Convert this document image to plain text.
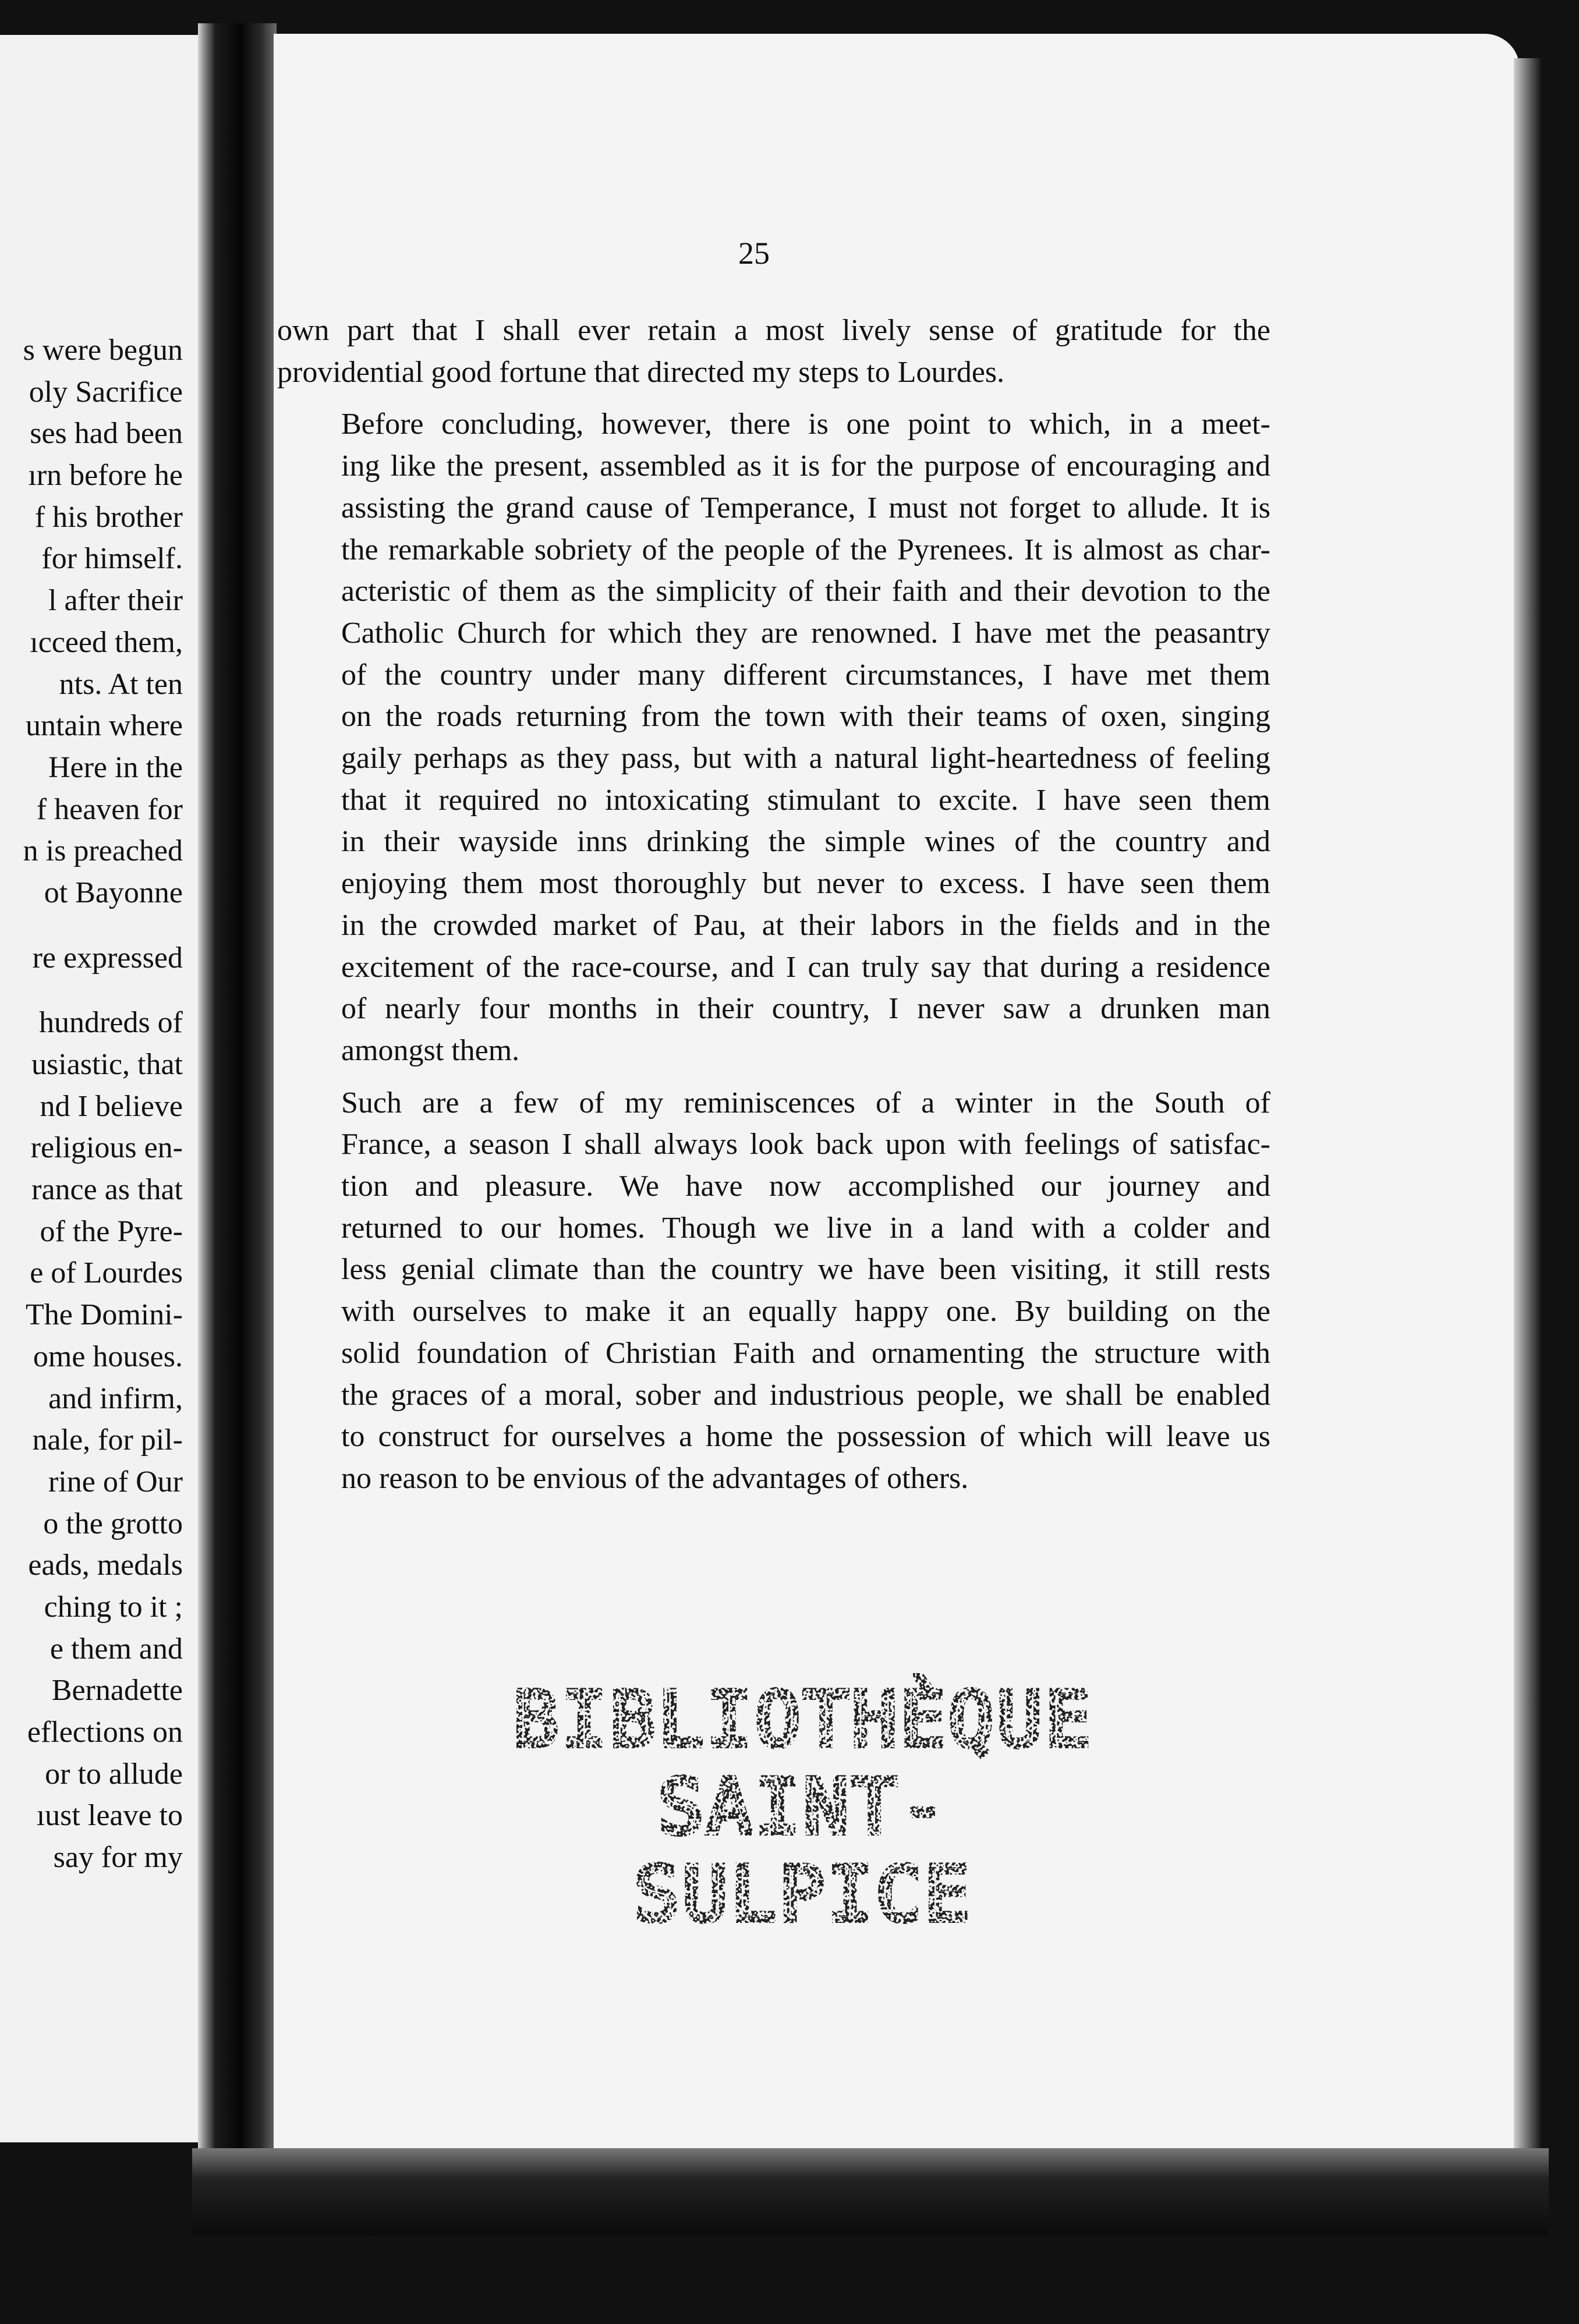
s were begun
oly Sacrifice
ses had been
ırn before he
f his brother
for himself.
l after their
ıcceed them,
nts. At ten
untain where
Here in the
f heaven for
n is preached
ot Bayonne
re expressed
hundreds of
usiastic, that
nd I believe
religious en-
rance as that
of the Pyre-
e of Lourdes
The Domini-
ome houses.
and infirm,
nale, for pil-
rine of Our
o the grotto
eads, medals
ching to it ;
e them and
Bernadette
eflections on
or to allude
ıust leave to
say for my
25

own part that I shall ever retain a most lively sense of gratitude for the
providential good fortune that directed my steps to Lourdes.

Before concluding, however, there is one point to which, in a meet-
ing like the present, assembled as it is for the purpose of encouraging and
assisting the grand cause of Temperance, I must not forget to allude. It is
the remarkable sobriety of the people of the Pyrenees. It is almost as char-
acteristic of them as the simplicity of their faith and their devotion to the
Catholic Church for which they are renowned. I have met the peasantry
of the country under many different circumstances, I have met them
on the roads returning from the town with their teams of oxen, singing
gaily perhaps as they pass, but with a natural light-heartedness of feeling
that it required no intoxicating stimulant to excite. I have seen them
in their wayside inns drinking the simple wines of the country and
enjoying them most thoroughly but never to excess. I have seen them
in the crowded market of Pau, at their labors in the fields and in the
excitement of the race-course, and I can truly say that during a residence
of nearly four months in their country, I never saw a drunken man
amongst them.

Such are a few of my reminiscences of a winter in the South of
France, a season I shall always look back upon with feelings of satisfac-
tion and pleasure. We have now accomplished our journey and
returned to our homes. Though we live in a land with a colder and
less genial climate than the country we have been visiting, it still rests
with ourselves to make it an equally happy one. By building on the
solid foundation of Christian Faith and ornamenting the structure with
the graces of a moral, sober and industrious people, we shall be enabled
to construct for ourselves a home the possession of which will leave us
no reason to be envious of the advantages of others.

BIBLIOTHÈQUE
SAINT-SULPICE
